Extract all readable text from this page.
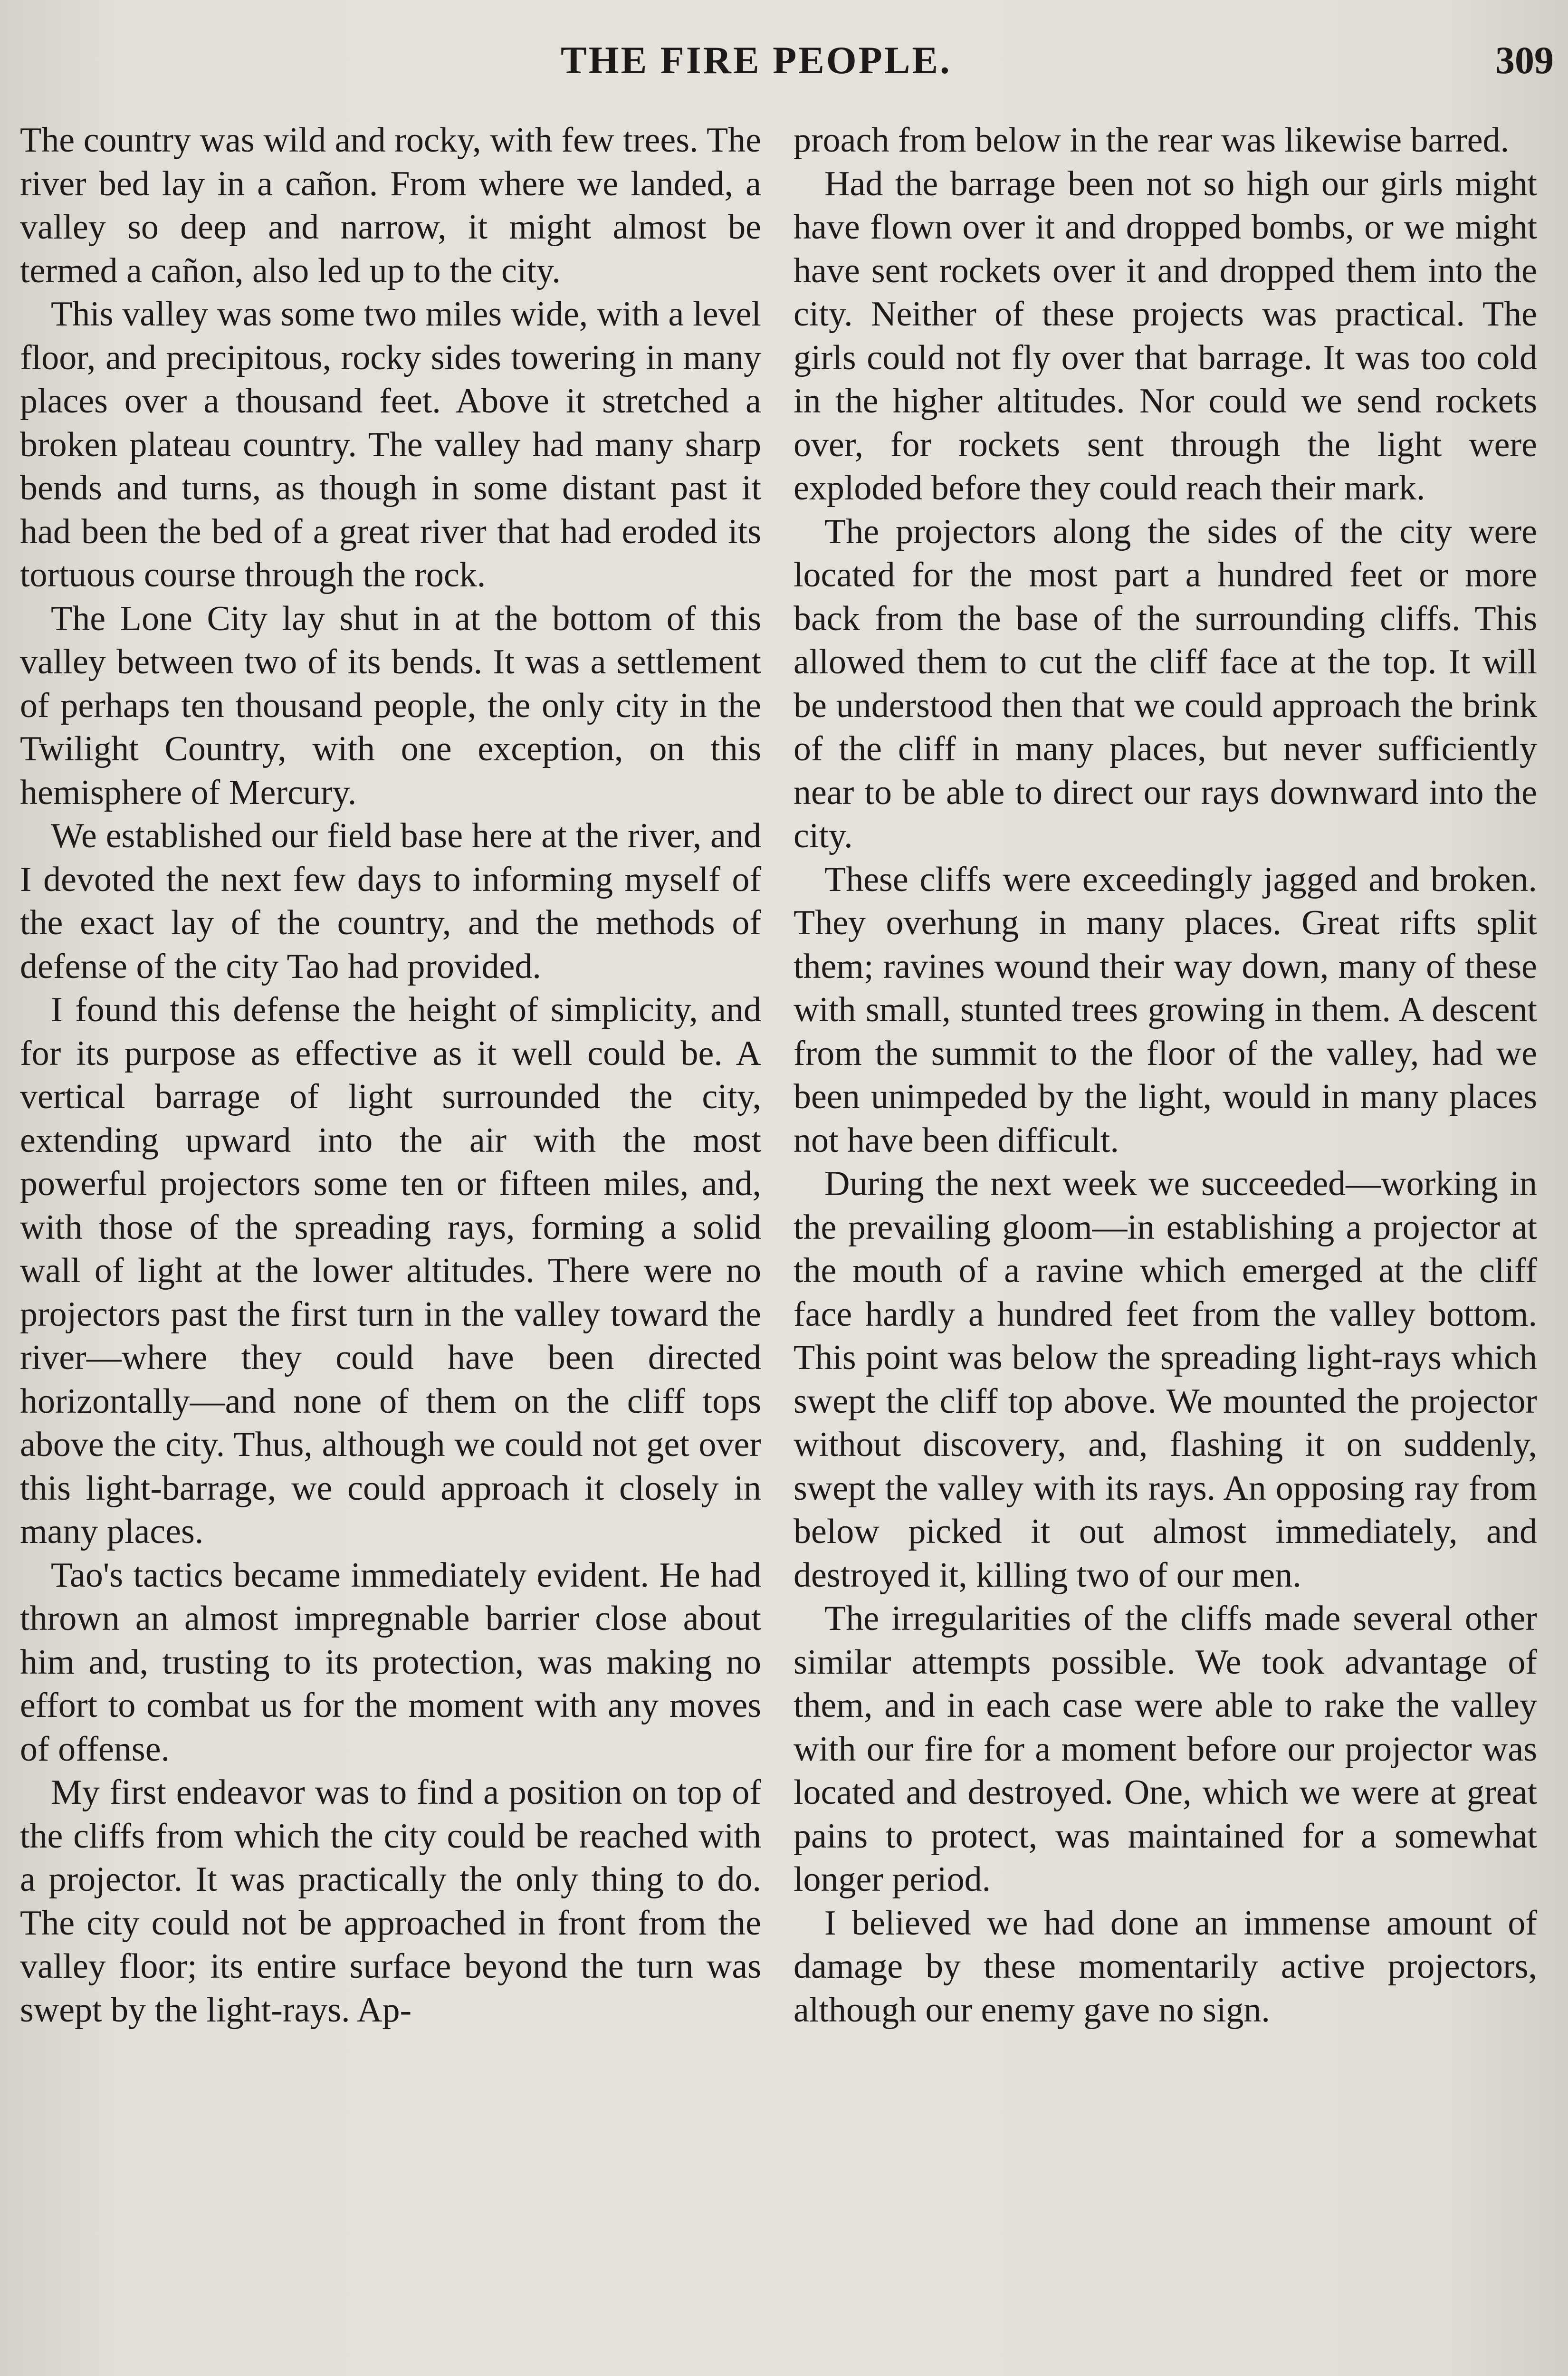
THE FIRE PEOPLE.	309

The country was wild and rocky, with few trees. The river bed lay in a cañon. From where we landed, a valley so deep and narrow, it might almost be termed a cañon, also led up to the city.

This valley was some two miles wide, with a level floor, and precipitous, rocky sides towering in many places over a thousand feet. Above it stretched a broken plateau country. The valley had many sharp bends and turns, as though in some distant past it had been the bed of a great river that had eroded its tortuous course through the rock.

The Lone City lay shut in at the bottom of this valley between two of its bends. It was a settlement of perhaps ten thousand people, the only city in the Twilight Country, with one exception, on this hemisphere of Mercury.

We established our field base here at the river, and I devoted the next few days to informing myself of the exact lay of the country, and the methods of defense of the city Tao had provided.

I found this defense the height of simplicity, and for its purpose as effective as it well could be. A vertical barrage of light surrounded the city, extending upward into the air with the most powerful projectors some ten or fifteen miles, and, with those of the spreading rays, forming a solid wall of light at the lower altitudes. There were no projectors past the first turn in the valley toward the river—where they could have been directed horizontally—and none of them on the cliff tops above the city. Thus, although we could not get over this light-barrage, we could approach it closely in many places.

Tao's tactics became immediately evident. He had thrown an almost impregnable barrier close about him and, trusting to its protection, was making no effort to combat us for the moment with any moves of offense.

My first endeavor was to find a position on top of the cliffs from which the city could be reached with a projector. It was practically the only thing to do. The city could not be approached in front from the valley floor; its entire surface beyond the turn was swept by the light-rays. Ap-

proach from below in the rear was likewise barred.

Had the barrage been not so high our girls might have flown over it and dropped bombs, or we might have sent rockets over it and dropped them into the city. Neither of these projects was practical. The girls could not fly over that barrage. It was too cold in the higher altitudes. Nor could we send rockets over, for rockets sent through the light were exploded before they could reach their mark.

The projectors along the sides of the city were located for the most part a hundred feet or more back from the base of the surrounding cliffs. This allowed them to cut the cliff face at the top. It will be understood then that we could approach the brink of the cliff in many places, but never sufficiently near to be able to direct our rays downward into the city.

These cliffs were exceedingly jagged and broken. They overhung in many places. Great rifts split them; ravines wound their way down, many of these with small, stunted trees growing in them. A descent from the summit to the floor of the valley, had we been unimpeded by the light, would in many places not have been difficult.

During the next week we succeeded—working in the prevailing gloom—in establishing a projector at the mouth of a ravine which emerged at the cliff face hardly a hundred feet from the valley bottom. This point was below the spreading light-rays which swept the cliff top above. We mounted the projector without discovery, and, flashing it on suddenly, swept the valley with its rays. An opposing ray from below picked it out almost immediately, and destroyed it, killing two of our men.

The irregularities of the cliffs made several other similar attempts possible. We took advantage of them, and in each case were able to rake the valley with our fire for a moment before our projector was located and destroyed. One, which we were at great pains to protect, was maintained for a somewhat longer period.

I believed we had done an immense amount of damage by these momentarily active projectors, although our enemy gave no sign.
